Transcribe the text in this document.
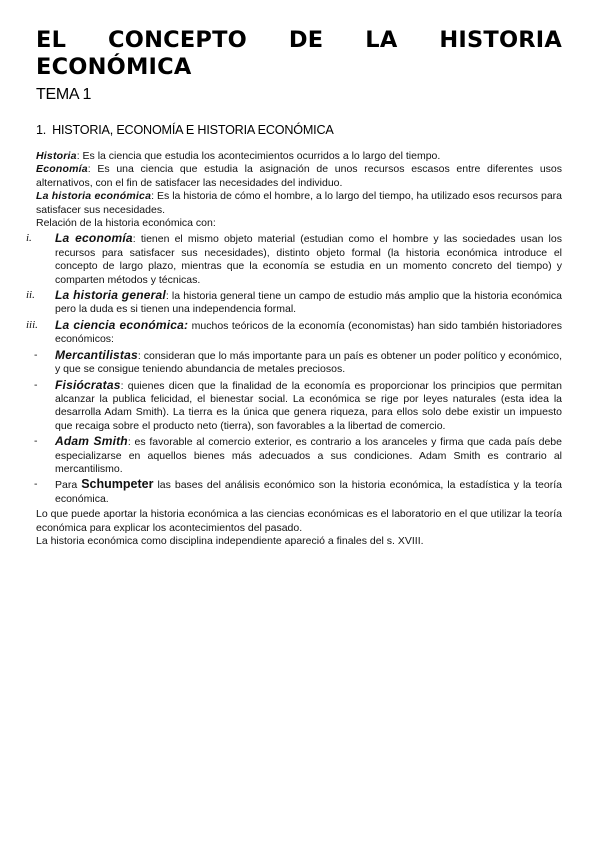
EL CONCEPTO DE LA HISTORIA
ECONÓMICA
TEMA 1
1. HISTORIA, ECONOMÍA E HISTORIA ECONÓMICA

Historia: Es la ciencia que estudia los acontecimientos ocurridos a lo largo del tiempo.

Economía: Es una ciencia que estudia la asignación de unos recursos escasos entre diferentes usos alternativos, con el fin de satisfacer las necesidades del individuo.

La historia económica: Es la historia de cómo el hombre, a lo largo del tiempo, ha utilizado esos recursos para satisfacer sus necesidades.

Relación de la historia económica con:

i.	La economía: tienen el mismo objeto material (estudian como el hombre y las sociedades usan los recursos para satisfacer sus necesidades), distinto objeto formal (la historia económica introduce el concepto de largo plazo, mientras que la economía se estudia en un momento concreto del tiempo) y comparten métodos y técnicas.
ii.	La historia general: la historia general tiene un campo de estudio más amplio que la historia económica pero la duda es si tienen una independencia formal.
iii.	La ciencia económica: muchos teóricos de la economía (economistas) han sido también historiadores económicos:
- Mercantilistas: consideran que lo más importante para un país es obtener un poder político y económico, y que se consigue teniendo abundancia de metales preciosos.
- Fisiócratas: quienes dicen que la finalidad de la economía es proporcionar los principios que permitan alcanzar la publica felicidad, el bienestar social. La económica se rige por leyes naturales (esta idea la desarrolla Adam Smith). La tierra es la única que genera riqueza, para ellos solo debe existir un impuesto que recaiga sobre el producto neto (tierra), son favorables a la libertad de comercio.
- Adam Smith: es favorable al comercio exterior, es contrario a los aranceles y firma que cada país debe especializarse en aquellos bienes más adecuados a sus condiciones. Adam Smith es contrario al mercantilismo.
- Para Schumpeter las bases del análisis económico son la historia económica, la estadística y la teoría económica.

Lo que puede aportar la historia económica a las ciencias económicas es el laboratorio en el que utilizar la teoría económica para explicar los acontecimientos del pasado.

La historia económica como disciplina independiente apareció a finales del s. XVIII.
